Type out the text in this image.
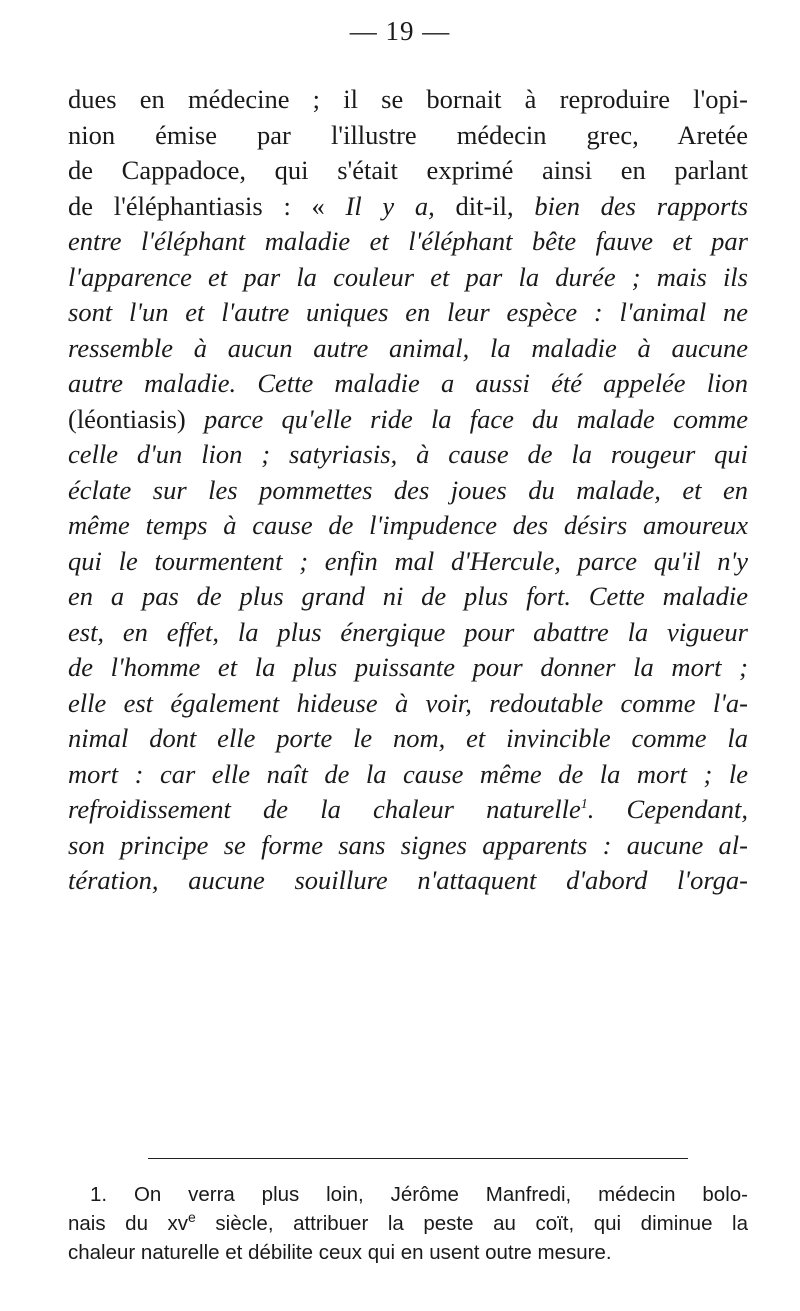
— 19 —
dues en médecine ; il se bornait à reproduire l'opi-
nion émise par l'illustre médecin grec, Aretée
de Cappadoce, qui s'était exprimé ainsi en parlant
de l'éléphantiasis : « Il y a, dit-il, bien des rapports
entre l'éléphant maladie et l'éléphant bête fauve et par
l'apparence et par la couleur et par la durée ; mais ils
sont l'un et l'autre uniques en leur espèce : l'animal ne
ressemble à aucun autre animal, la maladie à aucune
autre maladie. Cette maladie a aussi été appelée lion
(léontiasis) parce qu'elle ride la face du malade comme
celle d'un lion ; satyriasis, à cause de la rougeur qui
éclate sur les pommettes des joues du malade, et en
même temps à cause de l'impudence des désirs amoureux
qui le tourmentent ; enfin mal d'Hercule, parce qu'il n'y
en a pas de plus grand ni de plus fort. Cette maladie
est, en effet, la plus énergique pour abattre la vigueur
de l'homme et la plus puissante pour donner la mort ;
elle est également hideuse à voir, redoutable comme l'a-
nimal dont elle porte le nom, et invincible comme la
mort : car elle naît de la cause même de la mort ; le
refroidissement de la chaleur naturelle$^1$. Cependant,
son principe se forme sans signes apparents : aucune al-
tération, aucune souillure n'attaquent d'abord l'orga-
1. On verra plus loin, Jérôme Manfredi, médecin bolo-
nais du $xv^e$ siècle, attribuer la peste au coït, qui diminue la
chaleur naturelle et débilite ceux qui en usent outre mesure.
